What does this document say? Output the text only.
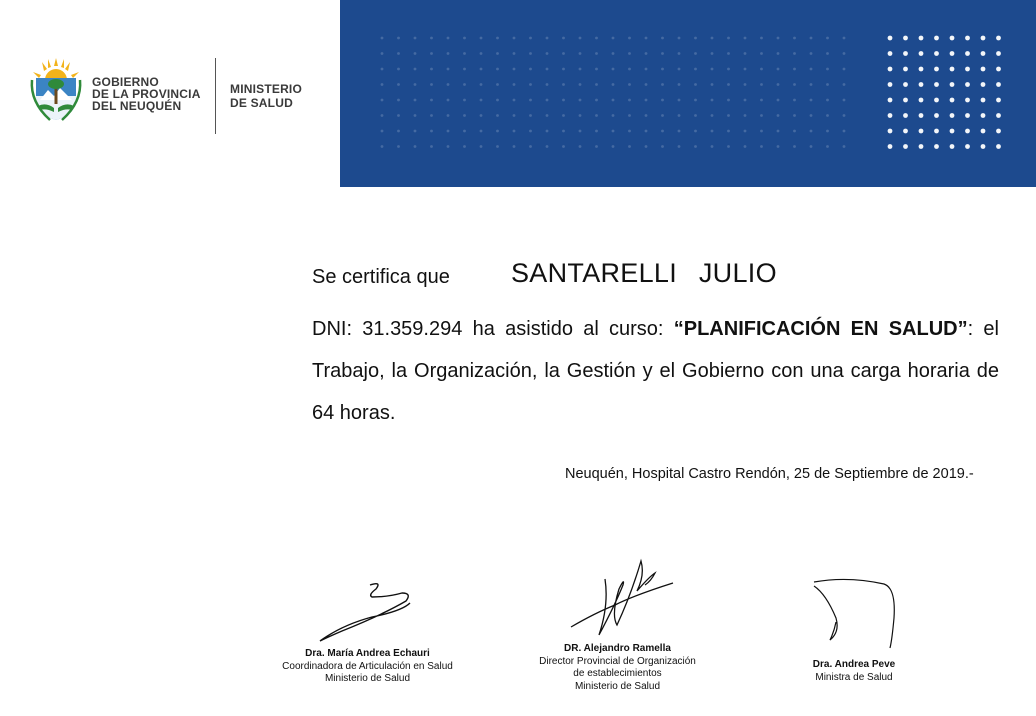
GOBIERNO
DE LA PROVINCIA
DEL NEUQUÉN
MINISTERIO
DE SALUD
Se certifica que SANTARELLI JULIO
DNI: 31.359.294 ha asistido al curso: “PLANIFICACIÓN EN SALUD”: el Trabajo, la Organización, la Gestión y el Gobierno con una carga horaria de 64 horas.
Neuquén, Hospital Castro Rendón, 25 de Septiembre de 2019.-
Dra. María Andrea Echauri
Coordinadora de Articulación en Salud
Ministerio de Salud
DR. Alejandro Ramella
Director Provincial de Organización
de establecimientos
Ministerio de Salud
Dra. Andrea Peve
Ministra de Salud
